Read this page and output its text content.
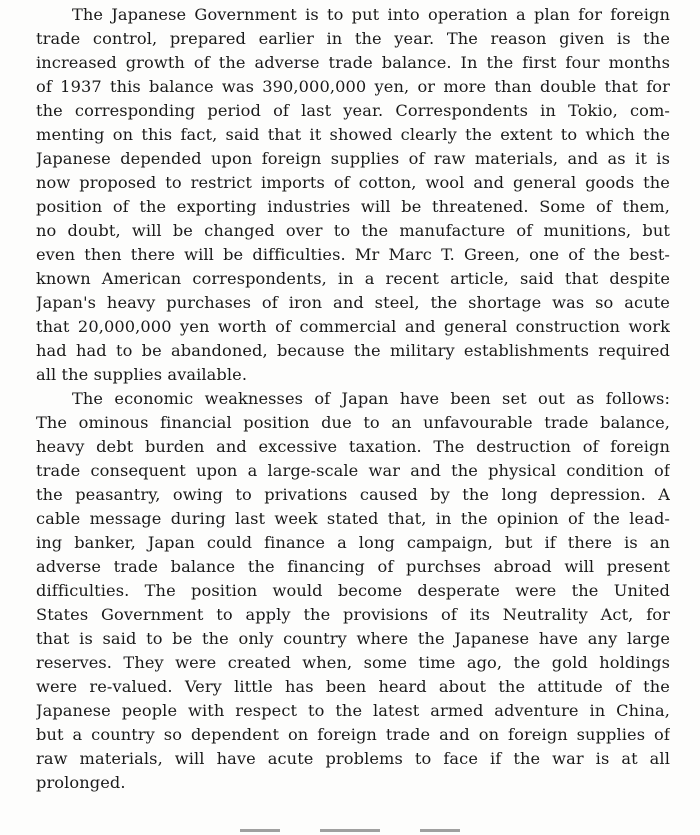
The Japanese Government is to put into operation a plan for foreign
trade control, prepared earlier in the year. The reason given is the
increased growth of the adverse trade balance. In the first four months
of 1937 this balance was 390,000,000 yen, or more than double that for
the corresponding period of last year. Correspondents in Tokio, com-
menting on this fact, said that it showed clearly the extent to which the
Japanese depended upon foreign supplies of raw materials, and as it is
now proposed to restrict imports of cotton, wool and general goods the
position of the exporting industries will be threatened. Some of them,
no doubt, will be changed over to the manufacture of munitions, but
even then there will be difficulties. Mr Marc T. Green, one of the best-
known American correspondents, in a recent article, said that despite
Japan's heavy purchases of iron and steel, the shortage was so acute
that 20,000,000 yen worth of commercial and general construction work
had had to be abandoned, because the military establishments required
all the supplies available.
The economic weaknesses of Japan have been set out as follows:
The ominous financial position due to an unfavourable trade balance,
heavy debt burden and excessive taxation. The destruction of foreign
trade consequent upon a large-scale war and the physical condition of
the peasantry, owing to privations caused by the long depression. A
cable message during last week stated that, in the opinion of the lead-
ing banker, Japan could finance a long campaign, but if there is an
adverse trade balance the financing of purchses abroad will present
difficulties. The position would become desperate were the United
States Government to apply the provisions of its Neutrality Act, for
that is said to be the only country where the Japanese have any large
reserves. They were created when, some time ago, the gold holdings
were re-valued. Very little has been heard about the attitude of the
Japanese people with respect to the latest armed adventure in China,
but a country so dependent on foreign trade and on foreign supplies of
raw materials, will have acute problems to face if the war is at all
prolonged.
